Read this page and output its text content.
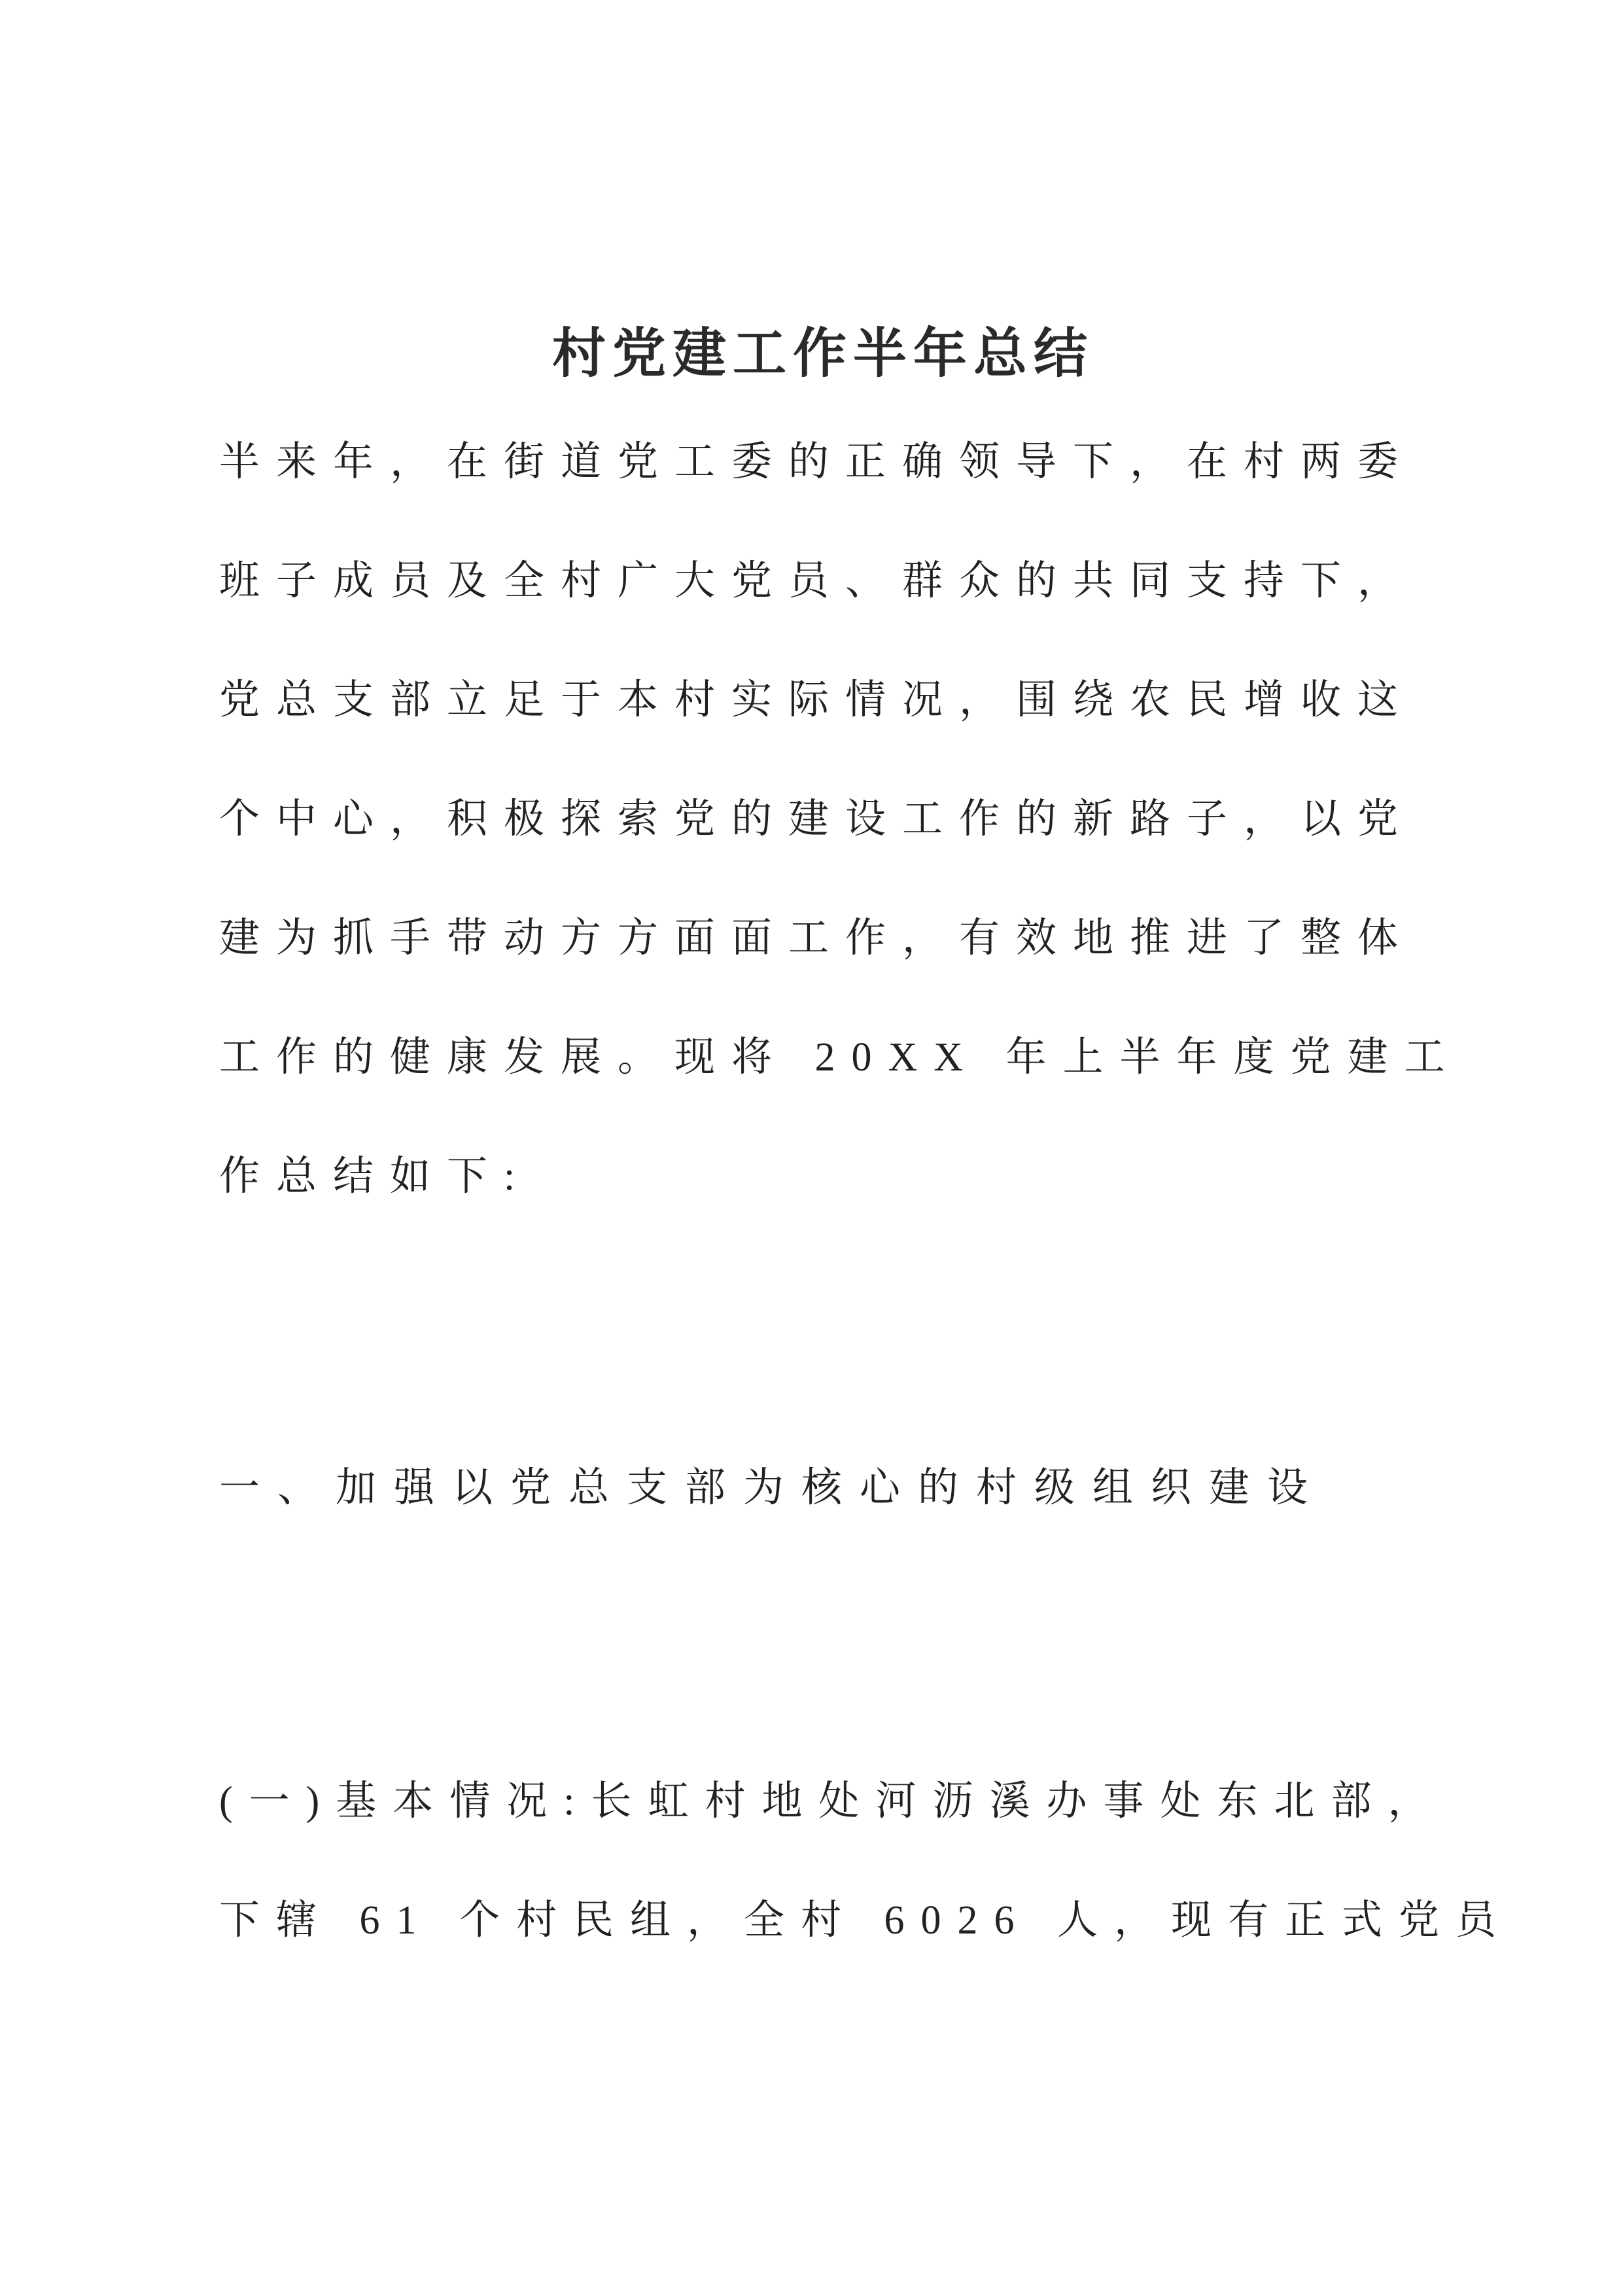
村党建工作半年总结
半来年，在街道党工委的正确领导下，在村两委
班子成员及全村广大党员、群众的共同支持下，
党总支部立足于本村实际情况，围绕农民增收这
个中心，积极探索党的建设工作的新路子，以党
建为抓手带动方方面面工作，有效地推进了整体
工作的健康发展。现将 20XX 年上半年度党建工
作总结如下:
一、加强以党总支部为核心的村级组织建设
(一)基本情况:长虹村地处河沥溪办事处东北部，
下辖 61 个村民组，全村 6026 人，现有正式党员
